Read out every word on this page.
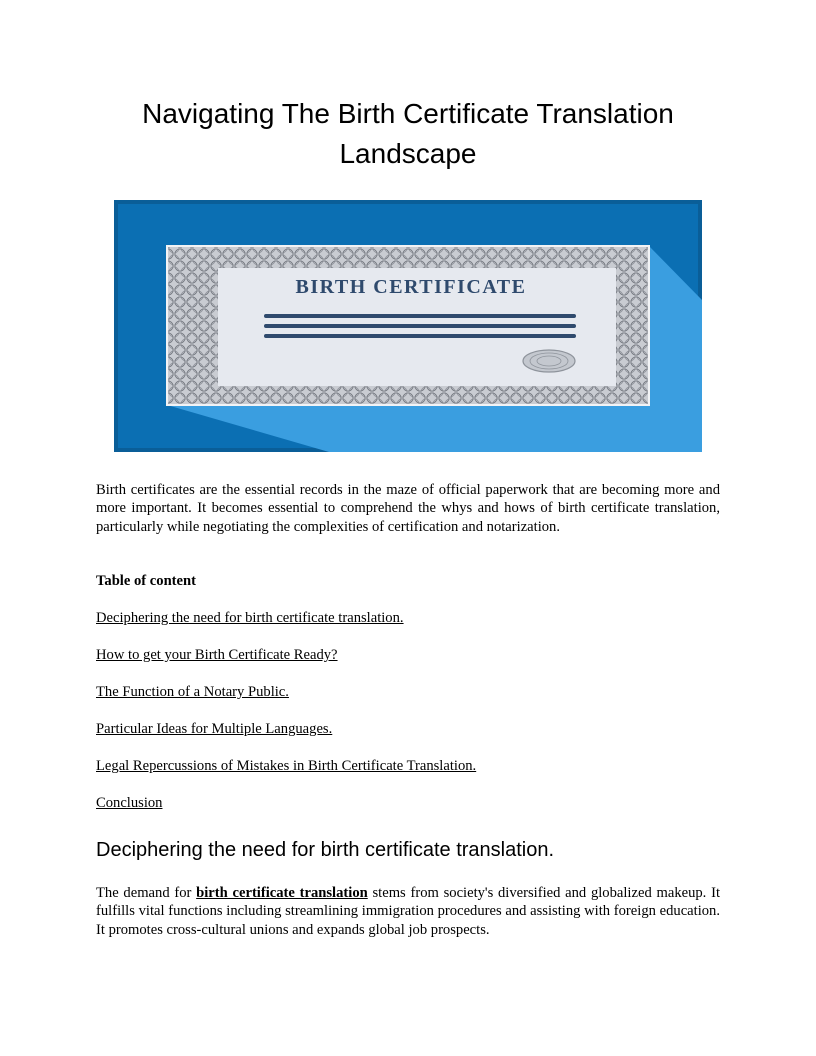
Navigating The Birth Certificate Translation Landscape
BIRTH CERTIFICATE

Birth certificates are the essential records in the maze of official paperwork that are becoming more and more important. It becomes essential to comprehend the whys and hows of birth certificate translation, particularly while negotiating the complexities of certification and notarization.

Table of content

Deciphering the need for birth certificate translation.
How to get your Birth Certificate Ready?
The Function of a Notary Public.
Particular Ideas for Multiple Languages.
Legal Repercussions of Mistakes in Birth Certificate Translation.
Conclusion
Deciphering the need for birth certificate translation.

The demand for birth certificate translation stems from society's diversified and globalized makeup. It fulfills vital functions including streamlining immigration procedures and assisting with foreign education. It promotes cross-cultural unions and expands global job prospects.
